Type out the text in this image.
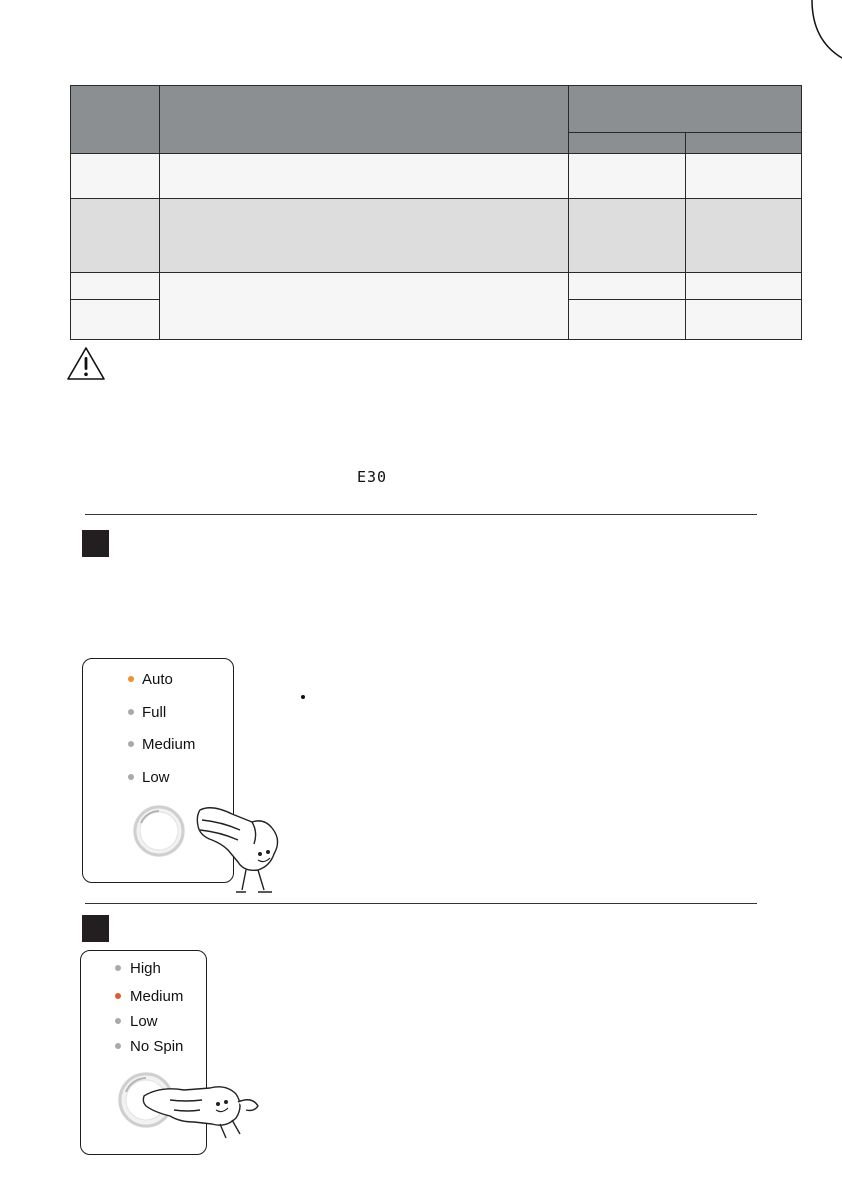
E30
Auto
Full
Medium
Low
High
Medium
Low
No Spin
